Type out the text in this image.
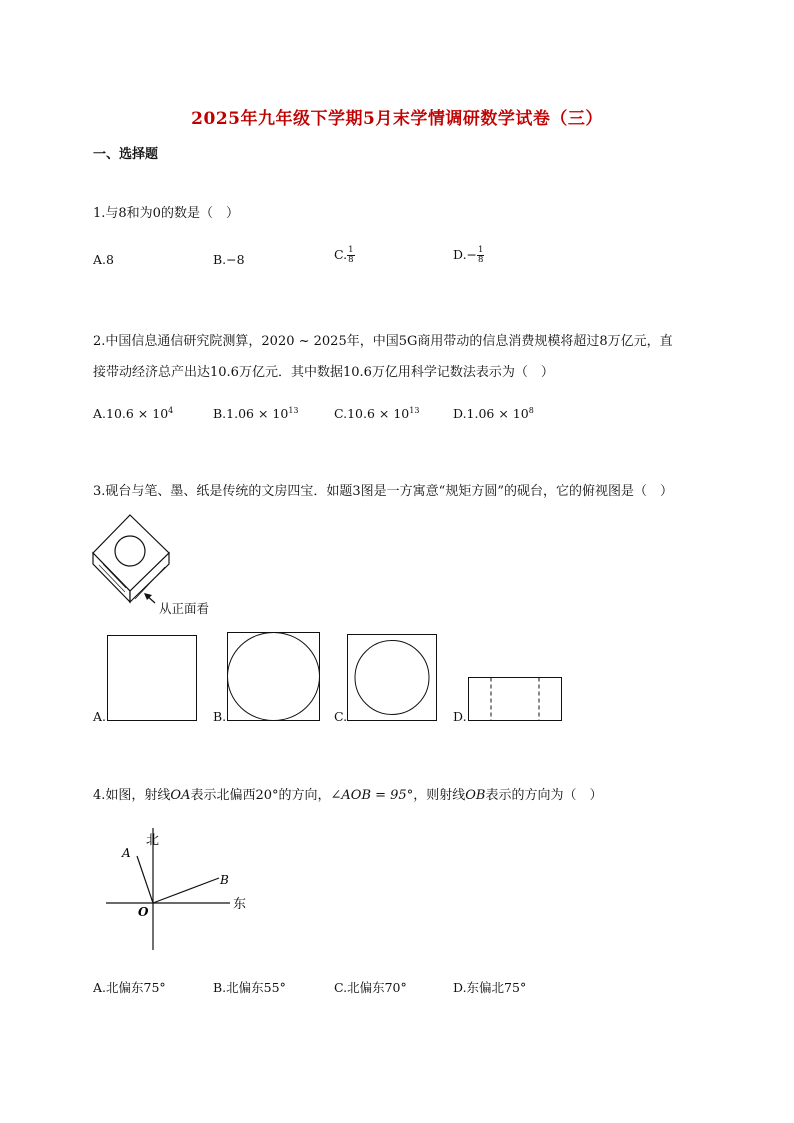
2025年九年级下学期5月末学情调研数学试卷（三）
一、选择题
1.与8和为0的数是（　）
A.8	B.−8	C. $\frac{1}{8}$	$D.- \frac{1}{8}$
2.中国信息通信研究院测算，2020 ~ 2025年，中国5G商用带动的信息消费规模将超过8万亿元，直
接带动经济总产出达10.6万亿元．其中数据10.6万亿用科学记数法表示为（　）
$A.10.6 \times 10^4$	$B.1.06 \times 10^{13}$	$C.10.6 \times 10^{13}$	$D.1.06 \times 10^8$
3.砚台与笔、墨、纸是传统的文房四宝．如题3图是一方寓意“规矩方圆”的砚台，它的俯视图是（　）
从正面看
A.	B.	C.	D.
4.如图，射线OA表示北偏西20°的方向，∠AOB = 95°，则射线OB表示的方向为（　）
北
东
A
B
O
A.北偏东75°	B.北偏东55°	C.北偏东70°	D.东偏北75°
